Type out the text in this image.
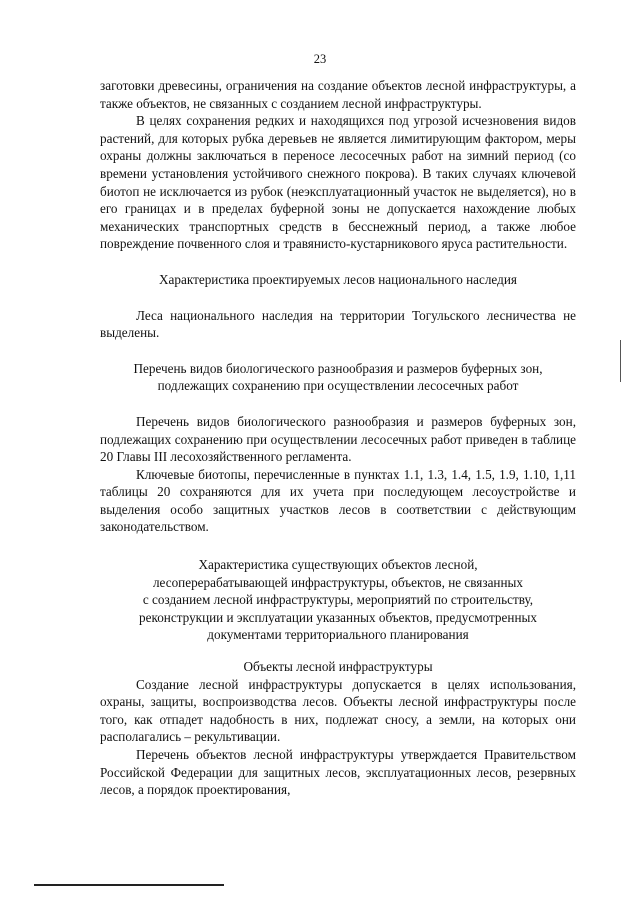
23

заготовки древесины, ограничения на создание объектов лесной инфраструктуры, а также объектов, не связанных с созданием лесной инфраструктуры.

В целях сохранения редких и находящихся под угрозой исчезновения видов растений, для которых рубка деревьев не является лимитирующим фактором, меры охраны должны заключаться в переносе лесосечных работ на зимний период (со времени установления устойчивого снежного покрова). В таких случаях ключевой биотоп не исключается из рубок (неэксплуатационный участок не выделяется), но в его границах и в пределах буферной зоны не допускается нахождение любых механических транспортных средств в бесснежный период, а также любое повреждение почвенного слоя и травянисто-кустарникового яруса растительности.

Характеристика проектируемых лесов национального наследия

Леса национального наследия на территории Тогульского лесничества не выделены.

Перечень видов биологического разнообразия и размеров буферных зон,

подлежащих сохранению при осуществлении лесосечных работ

Перечень видов биологического разнообразия и размеров буферных зон, подлежащих сохранению при осуществлении лесосечных работ приведен в таблице 20 Главы III лесохозяйственного регламента.

Ключевые биотопы, перечисленные в пунктах 1.1, 1.3, 1.4, 1.5, 1.9, 1.10, 1,11 таблицы 20 сохраняются для их учета при последующем лесоустройстве и выделения особо защитных участков лесов в соответствии с действующим законодательством.

Характеристика существующих объектов лесной,

лесоперерабатывающей инфраструктуры, объектов, не связанных

с созданием лесной инфраструктуры, мероприятий по строительству,

реконструкции и эксплуатации указанных объектов, предусмотренных

документами территориального планирования

Объекты лесной инфраструктуры

Создание лесной инфраструктуры допускается в целях использования, охраны, защиты, воспроизводства лесов. Объекты лесной инфраструктуры после того, как отпадет надобность в них, подлежат сносу, а земли, на которых они располагались – рекультивации.

Перечень объектов лесной инфраструктуры утверждается Правительством Российской Федерации для защитных лесов, эксплуатационных лесов, резервных лесов, а порядок проектирования,
